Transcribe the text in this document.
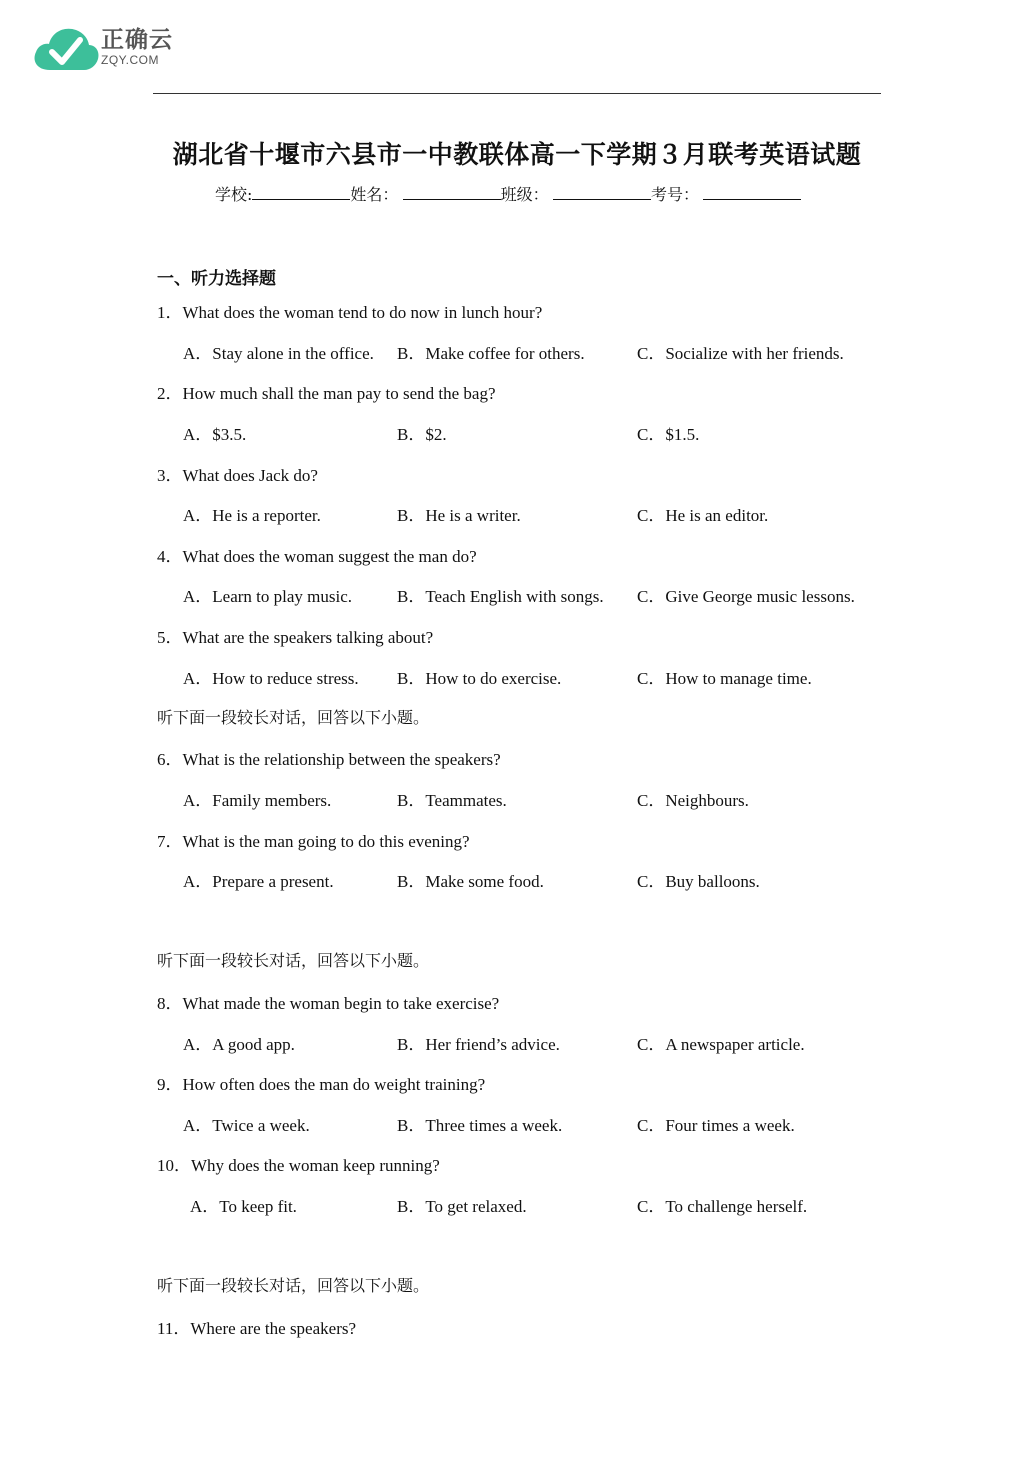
正确云
ZQY.COM
湖北省十堰市六县市一中教联体高一下学期３月联考英语试题
学校:	姓名：	班级：	考号：
一、听力选择题
1．What does the woman tend to do now in lunch hour?
A．Stay alone in the office. B．Make coffee for others.	C．Socialize with her friends.
2．How much shall the man pay to send the bag?
A．$3.5.	B．$2.	C．$1.5.
3．What does Jack do?
A．He is a reporter.	B．He is a writer.	C．He is an editor.
4．What does the woman suggest the man do?
A．Learn to play music.	B．Teach English with songs. C．Give George music lessons.
5．What are the speakers talking about?
A．How to reduce stress. B．How to do exercise.	C．How to manage time.
听下面一段较长对话，回答以下小题。
6．What is the relationship between the speakers?
A．Family members.	B．Teammates.	C．Neighbours.
7．What is the man going to do this evening?
A．Prepare a present.	B．Make some food.	C．Buy balloons.
听下面一段较长对话，回答以下小题。
8．What made the woman begin to take exercise?
A．A good app.	B．Her friend’s advice.	C．A newspaper article.
9．How often does the man do weight training?
A．Twice a week.	B．Three times a week.	C．Four times a week.
10．Why does the woman keep running?
A．To keep fit.	B．To get relaxed.	C．To challenge herself.
听下面一段较长对话，回答以下小题。
11．Where are the speakers?
